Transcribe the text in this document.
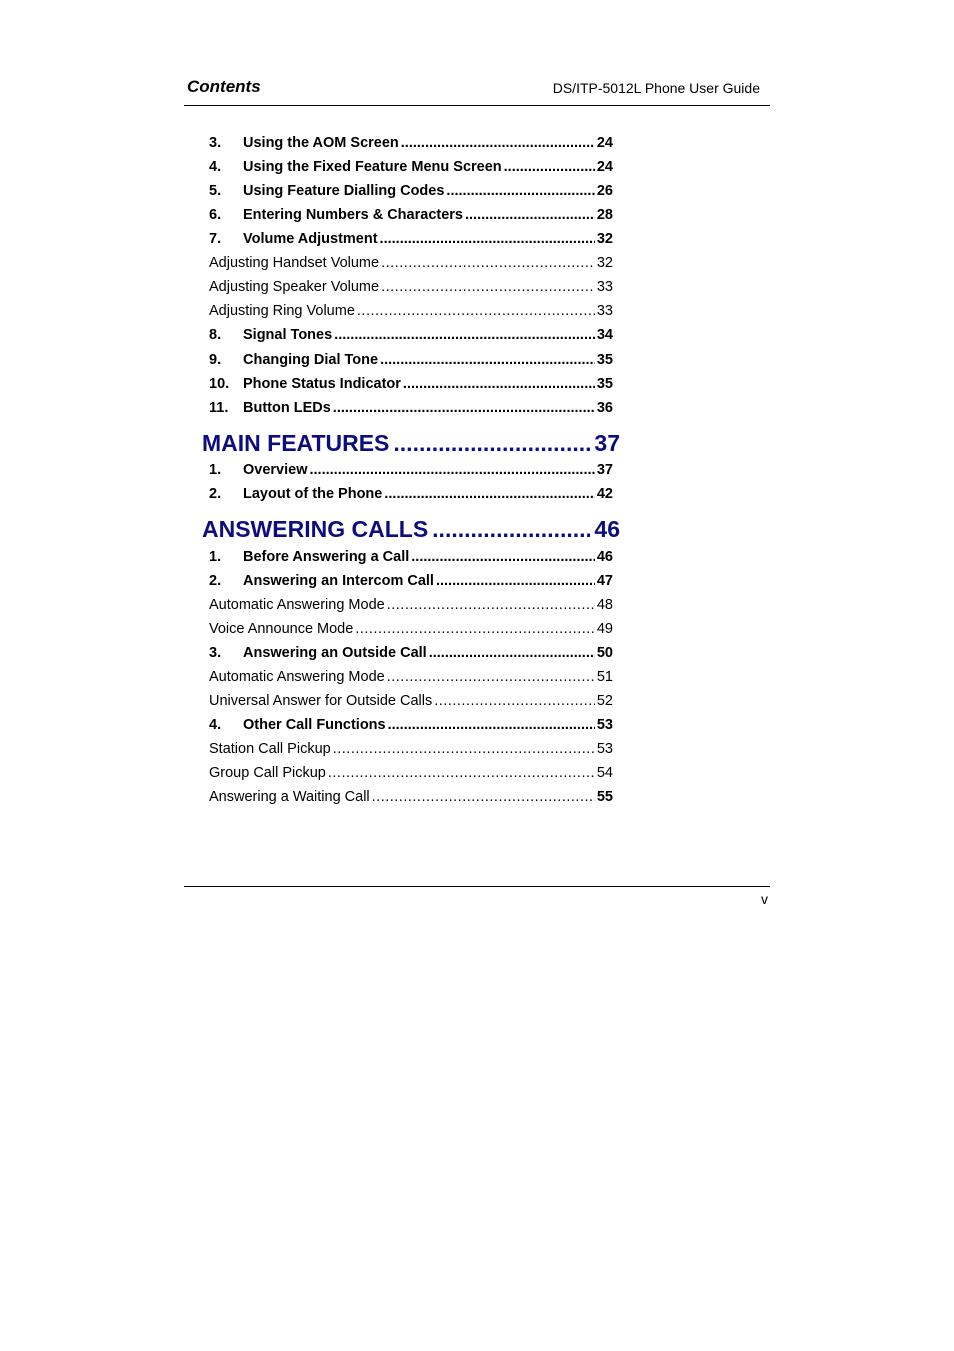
Contents	DS/ITP-5012L Phone User Guide
3.	Using the AOM Screen .....	24
4.	Using the Fixed Feature Menu Screen .....	24
5.	Using Feature Dialling Codes .....	26
6.	Entering Numbers & Characters .....	28
7.	Volume Adjustment .....	32
Adjusting Handset Volume .....	32
Adjusting Speaker Volume .....	33
Adjusting Ring Volume .....	33
8.	Signal Tones .....	34
9.	Changing Dial Tone .....	35
10. Phone Status Indicator .....	35
11.	Button LEDs .....	36
MAIN FEATURES .....	37
1.	Overview .....	37
2.	Layout of the Phone .....	42
ANSWERING CALLS .....	46
1.	Before Answering a Call .....	46
2.	Answering an Intercom Call .....	47
Automatic Answering Mode .....	48
Voice Announce Mode .....	49
3.	Answering an Outside Call .....	50
Automatic Answering Mode .....	51
Universal Answer for Outside Calls .....	52
4.	Other Call Functions .....	53
Station Call Pickup .....	53
Group Call Pickup .....	54
Answering a Waiting Call .....	55
v
